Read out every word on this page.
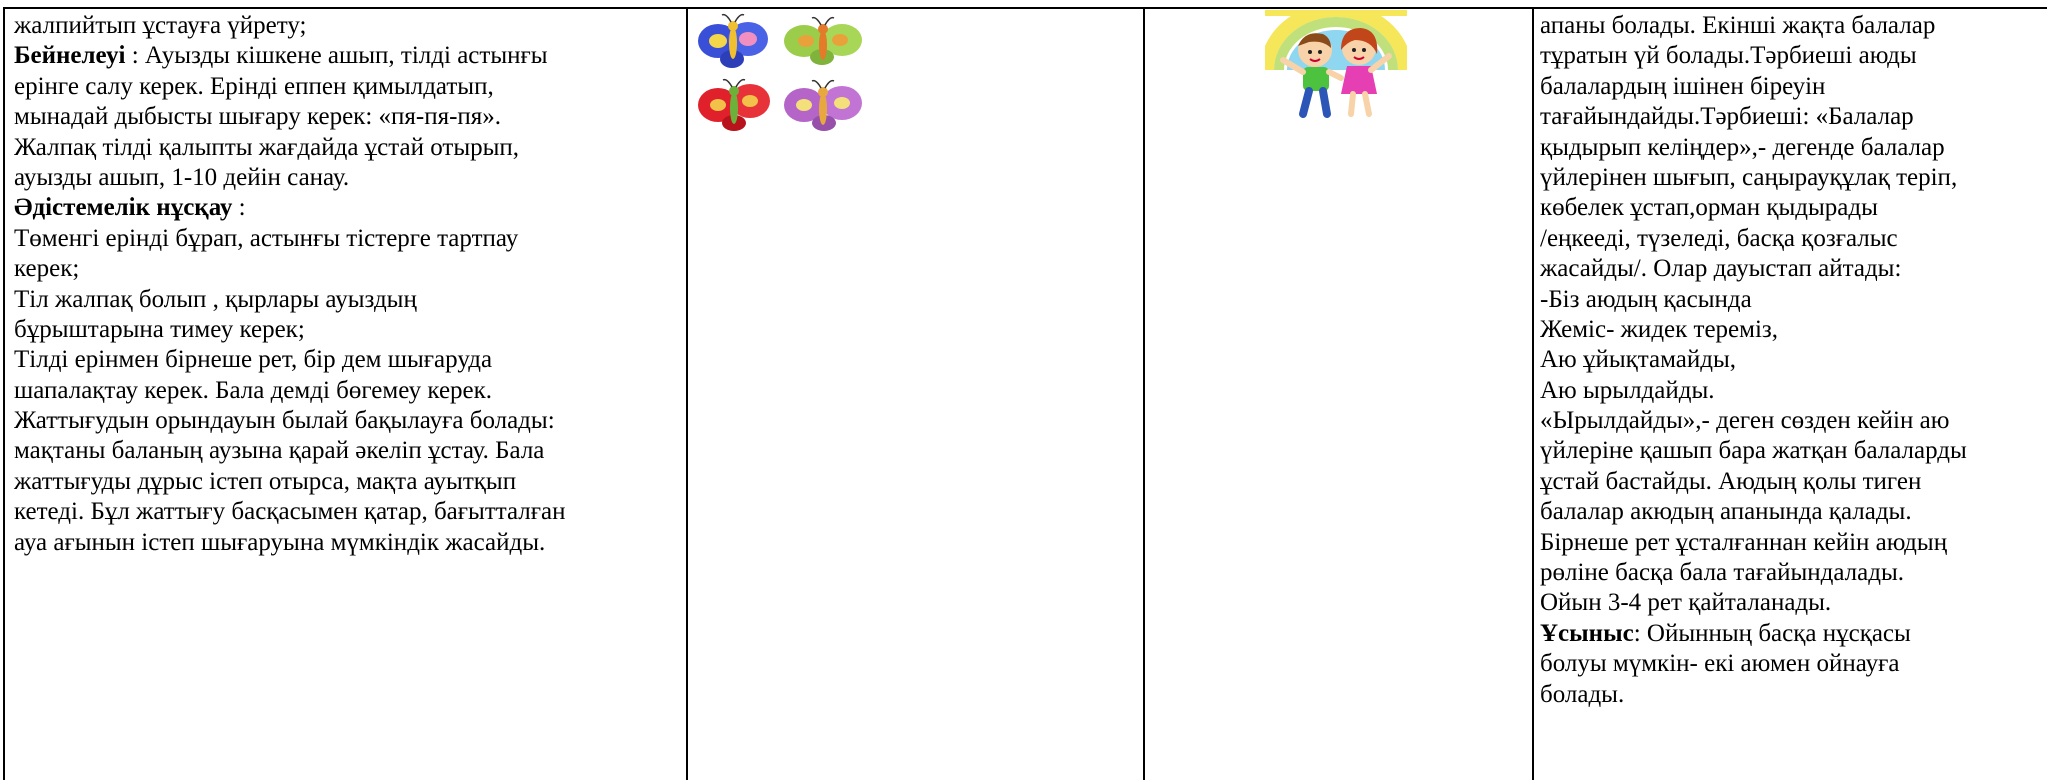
жалпийтып ұстауға үйрету;
Бейнелеуі : Ауызды кішкене ашып, тілді астынғы
ерінге салу керек. Ерінді еппен қимылдатып,
мынадай дыбысты шығару керек: «пя-пя-пя».
Жалпақ тілді қалыпты жағдайда ұстай отырып,
ауызды ашып, 1-10 дейін санау.
Әдістемелік нұсқау :
Төменгі ерінді бұрап, астынғы тістерге тартпау
керек;
Тіл жалпақ болып , қырлары ауыздың
бұрыштарына тимеу керек;
Тілді ерінмен бірнеше рет, бір дем шығаруда
шапалақтау керек. Бала демді бөгемеу керек.
Жаттығудын орындауын былай бақылауға болады:
мақтаны баланың аузына қарай әкеліп ұстау. Бала
жаттығуды дұрыс істеп отырса, мақта ауытқып
кетеді. Бұл жаттығу басқасымен қатар, бағытталған
ауа ағынын істеп шығаруына мүмкіндік жасайды.
апаны болады. Екінші жақта балалар
тұратын үй болады.Тәрбиеші аюды
балалардың ішінен біреуін
тағайындайды.Тәрбиеші: «Балалар
қыдырып келіңдер»,- дегенде балалар
үйлерінен шығып, саңырауқұлақ теріп,
көбелек ұстап,орман қыдырады
/еңкееді, түзеледі, басқа қозғалыс
жасайды/. Олар дауыстап айтады:
-Біз аюдың қасында
Жеміс- жидек тереміз,
Аю ұйықтамайды,
Аю ырылдайды.
«Ырылдайды»,- деген сөзден кейін аю
үйлеріне қашып бара жатқан балаларды
ұстай бастайды. Аюдың қолы тиген
балалар акюдың апанында қалады.
Бірнеше рет ұсталғаннан кейін аюдың
рөліне басқа бала тағайындалады.
Ойын 3-4 рет қайталанады.
Ұсыныс: Ойынның басқа нұсқасы
болуы мүмкін- екі аюмен ойнауға
болады.
